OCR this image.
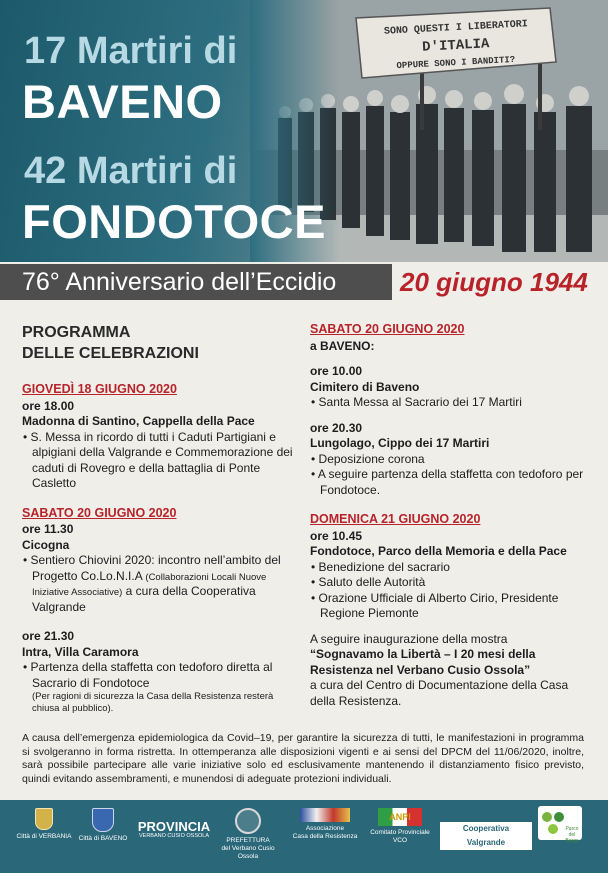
17 Martiri di
BAVENO
42 Martiri di
FONDOTOCE
76° Anniversario dell’Eccidio 20 giugno 1944
PROGRAMMA
DELLE CELEBRAZIONI
GIOVEDÌ 18 GIUGNO 2020
ore 18.00
Madonna di Santino, Cappella della Pace
• S. Messa in ricordo di tutti i Caduti Partigiani e alpigiani della Valgrande e Commemorazione dei caduti di Rovegro e della battaglia di Ponte Casletto
SABATO 20 GIUGNO 2020
ore 11.30
Cicogna
• Sentiero Chiovini 2020: incontro nell’ambito del Progetto Co.Lo.N.I.A (Collaborazioni Locali Nuove Iniziative Associative) a cura della Cooperativa Valgrande
ore 21.30
Intra, Villa Caramora
• Partenza della staffetta con tedoforo diretta al Sacrario di Fondotoce
(Per ragioni di sicurezza la Casa della Resistenza resterà chiusa al pubblico).
SABATO 20 GIUGNO 2020
a BAVENO:
ore 10.00
Cimitero di Baveno
• Santa Messa al Sacrario dei 17 Martiri
ore 20.30
Lungolago, Cippo dei 17 Martiri
• Deposizione corona
• A seguire partenza della staffetta con tedoforo per Fondotoce.
DOMENICA 21 GIUGNO 2020
ore 10.45
Fondotoce, Parco della Memoria e della Pace
• Benedizione del sacrario
• Saluto delle Autorità
• Orazione Ufficiale di Alberto Cirio, Presidente Regione Piemonte
A seguire inaugurazione della mostra
“Sognavamo la Libertà – I 20 mesi della Resistenza nel Verbano Cusio Ossola”
a cura del Centro di Documentazione della Casa della Resistenza.
A causa dell’emergenza epidemiologica da Covid–19, per garantire la sicurezza di tutti, le manifestazioni in programma si svolgeranno in forma ristretta. In ottemperanza alle disposizioni vigenti e ai sensi del DPCM del 11/06/2020, inoltre, sarà possibile partecipare alle varie iniziative solo ed esclusivamente mantenendo il distanziamento fisico previsto, quindi evitando assembramenti, e munendosi di adeguate protezioni individuali.
Città di VERBANIA	Città di BAVENO
PROVINCIA
VERBANO CUSIO OSSOLA
PREFETTURA
del Verbano Cusio Ossola
Associazione
Casa della Resistenza
ANPI
Comitato Provinciale VCO
Cooperativa Valgrande
Parco del Borgo
